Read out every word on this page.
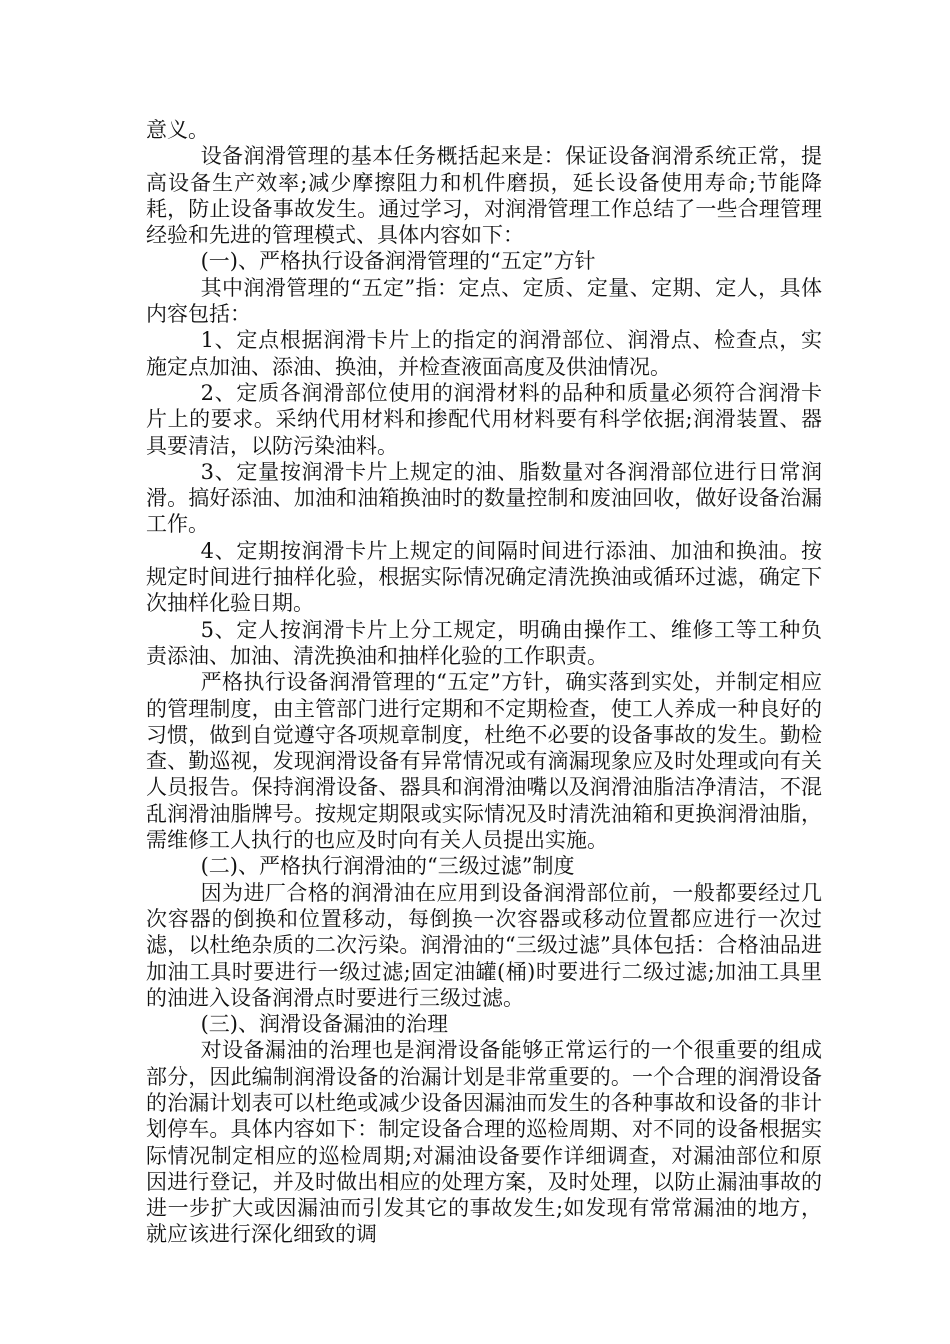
意义。

设备润滑管理的基本任务概括起来是：保证设备润滑系统正常，提高设备生产效率;减少摩擦阻力和机件磨损，延长设备使用寿命;节能降耗，防止设备事故发生。通过学习，对润滑管理工作总结了一些合理管理经验和先进的管理模式、具体内容如下：

(一)、严格执行设备润滑管理的“五定”方针

其中润滑管理的“五定”指：定点、定质、定量、定期、定人，具体内容包括：

1、定点根据润滑卡片上的指定的润滑部位、润滑点、检查点，实施定点加油、添油、换油，并检查液面高度及供油情况。

2、定质各润滑部位使用的润滑材料的品种和质量必须符合润滑卡片上的要求。采纳代用材料和掺配代用材料要有科学依据;润滑装置、器具要清洁，以防污染油料。

3、定量按润滑卡片上规定的油、脂数量对各润滑部位进行日常润滑。搞好添油、加油和油箱换油时的数量控制和废油回收，做好设备治漏工作。

4、定期按润滑卡片上规定的间隔时间进行添油、加油和换油。按规定时间进行抽样化验，根据实际情况确定清洗换油或循环过滤，确定下次抽样化验日期。

5、定人按润滑卡片上分工规定，明确由操作工、维修工等工种负责添油、加油、清洗换油和抽样化验的工作职责。

严格执行设备润滑管理的“五定”方针，确实落到实处，并制定相应的管理制度，由主管部门进行定期和不定期检查，使工人养成一种良好的习惯，做到自觉遵守各项规章制度，杜绝不必要的设备事故的发生。勤检查、勤巡视，发现润滑设备有异常情况或有滴漏现象应及时处理或向有关人员报告。保持润滑设备、器具和润滑油嘴以及润滑油脂洁净清洁，不混乱润滑油脂牌号。按规定期限或实际情况及时清洗油箱和更换润滑油脂，需维修工人执行的也应及时向有关人员提出实施。

(二)、严格执行润滑油的“三级过滤”制度

因为进厂合格的润滑油在应用到设备润滑部位前，一般都要经过几次容器的倒换和位置移动，每倒换一次容器或移动位置都应进行一次过滤，以杜绝杂质的二次污染。润滑油的“三级过滤”具体包括：合格油品进加油工具时要进行一级过滤;固定油罐(桶)时要进行二级过滤;加油工具里的油进入设备润滑点时要进行三级过滤。

(三)、润滑设备漏油的治理

对设备漏油的治理也是润滑设备能够正常运行的一个很重要的组成部分，因此编制润滑设备的治漏计划是非常重要的。一个合理的润滑设备的治漏计划表可以杜绝或减少设备因漏油而发生的各种事故和设备的非计划停车。具体内容如下：制定设备合理的巡检周期、对不同的设备根据实际情况制定相应的巡检周期;对漏油设备要作详细调查，对漏油部位和原因进行登记，并及时做出相应的处理方案，及时处理，以防止漏油事故的进一步扩大或因漏油而引发其它的事故发生;如发现有常常漏油的地方，就应该进行深化细致的调
